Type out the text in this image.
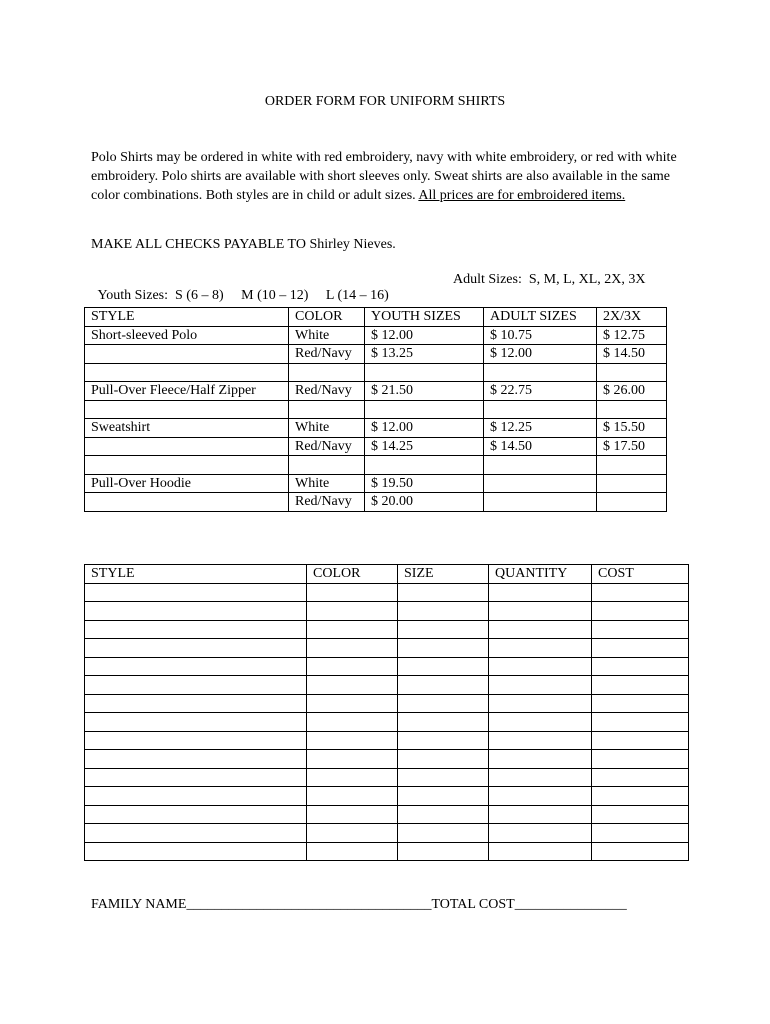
ORDER FORM FOR UNIFORM SHIRTS
Polo Shirts may be ordered in white with red embroidery, navy with white embroidery, or red with white embroidery. Polo shirts are available with short sleeves only. Sweat shirts are also available in the same color combinations. Both styles are in child or adult sizes. All prices are for embroidered items.
MAKE ALL CHECKS PAYABLE TO Shirley Nieves.

Youth Sizes:  S (6 – 8)     M (10 – 12)     L (14 – 16)

Adult Sizes:  S, M, L, XL, 2X, 3X

STYLE	COLOR	YOUTH SIZES	ADULT SIZES	2X/3X
Short-sleeved Polo	White	$ 12.00	$ 10.75	$ 12.75
	Red/Navy	$ 13.25	$ 12.00	$ 14.50

Pull-Over Fleece/Half Zipper	Red/Navy	$ 21.50	$ 22.75	$ 26.00

Sweatshirt	White	$ 12.00	$ 12.25	$ 15.50
	Red/Navy	$ 14.25	$ 14.50	$ 17.50

Pull-Over Hoodie	White	$ 19.50		
	Red/Navy	$ 20.00		
STYLE	COLOR	SIZE	QUANTITY	COST

FAMILY NAME___________________________________TOTAL COST________________
